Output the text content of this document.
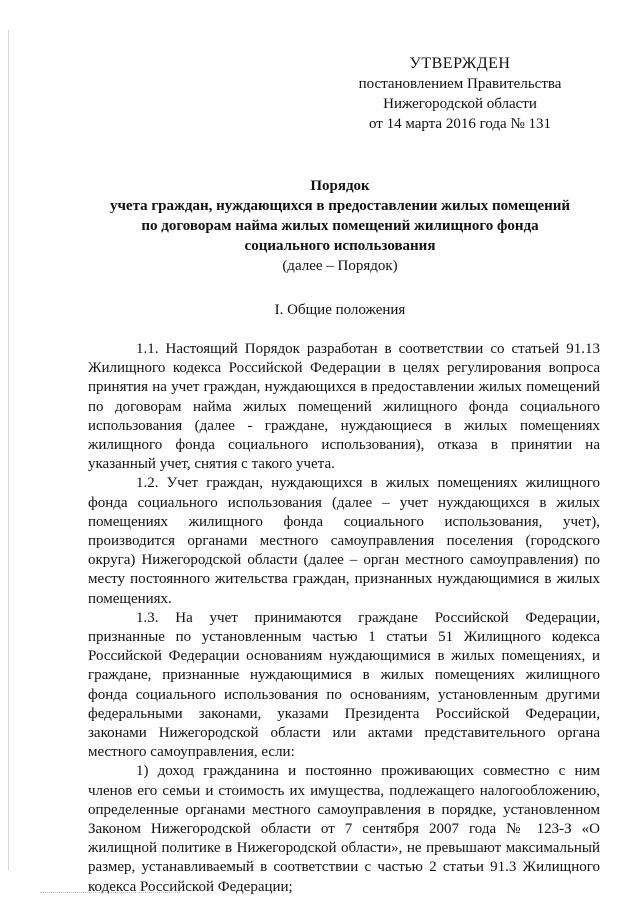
УТВЕРЖДЕН
постановлением Правительства
Нижегородской области
от 14 марта 2016 года № 131
Порядок
учета граждан, нуждающихся в предоставлении жилых помещений
по договорам найма жилых помещений жилищного фонда
социального использования
(далее – Порядок)
I. Общие положения

1.1. Настоящий Порядок разработан в соответствии со статьей 91.13 Жилищного кодекса Российской Федерации в целях регулирования вопроса принятия на учет граждан, нуждающихся в предоставлении жилых помещений по договорам найма жилых помещений жилищного фонда социального использования (далее - граждане, нуждающиеся в жилых помещениях жилищного фонда социального использования), отказа в принятии на указанный учет, снятия с такого учета.

1.2. Учет граждан, нуждающихся в жилых помещениях жилищного фонда социального использования (далее – учет нуждающихся в жилых помещениях жилищного фонда социального использования, учет), производится органами местного самоуправления поселения (городского округа) Нижегородской области (далее – орган местного самоуправления) по месту постоянного жительства граждан, признанных нуждающимися в жилых помещениях.

1.3. На учет принимаются граждане Российской Федерации, признанные по установленным частью 1 статьи 51 Жилищного кодекса Российской Федерации основаниям нуждающимися в жилых помещениях, и граждане, признанные нуждающимися в жилых помещениях жилищного фонда социального использования по основаниям, установленным другими федеральными законами, указами Президента Российской Федерации, законами Нижегородской области или актами представительного органа местного самоуправления, если:

1) доход гражданина и постоянно проживающих совместно с ним членов его семьи и стоимость их имущества, подлежащего налогообложению, определенные органами местного самоуправления в порядке, установленном Законом Нижегородской области от 7 сентября 2007 года № 123-З «О жилищной политике в Нижегородской области», не превышают максимальный размер, устанавливаемый в соответствии с частью 2 статьи 91.3 Жилищного кодекса Российской Федерации;
